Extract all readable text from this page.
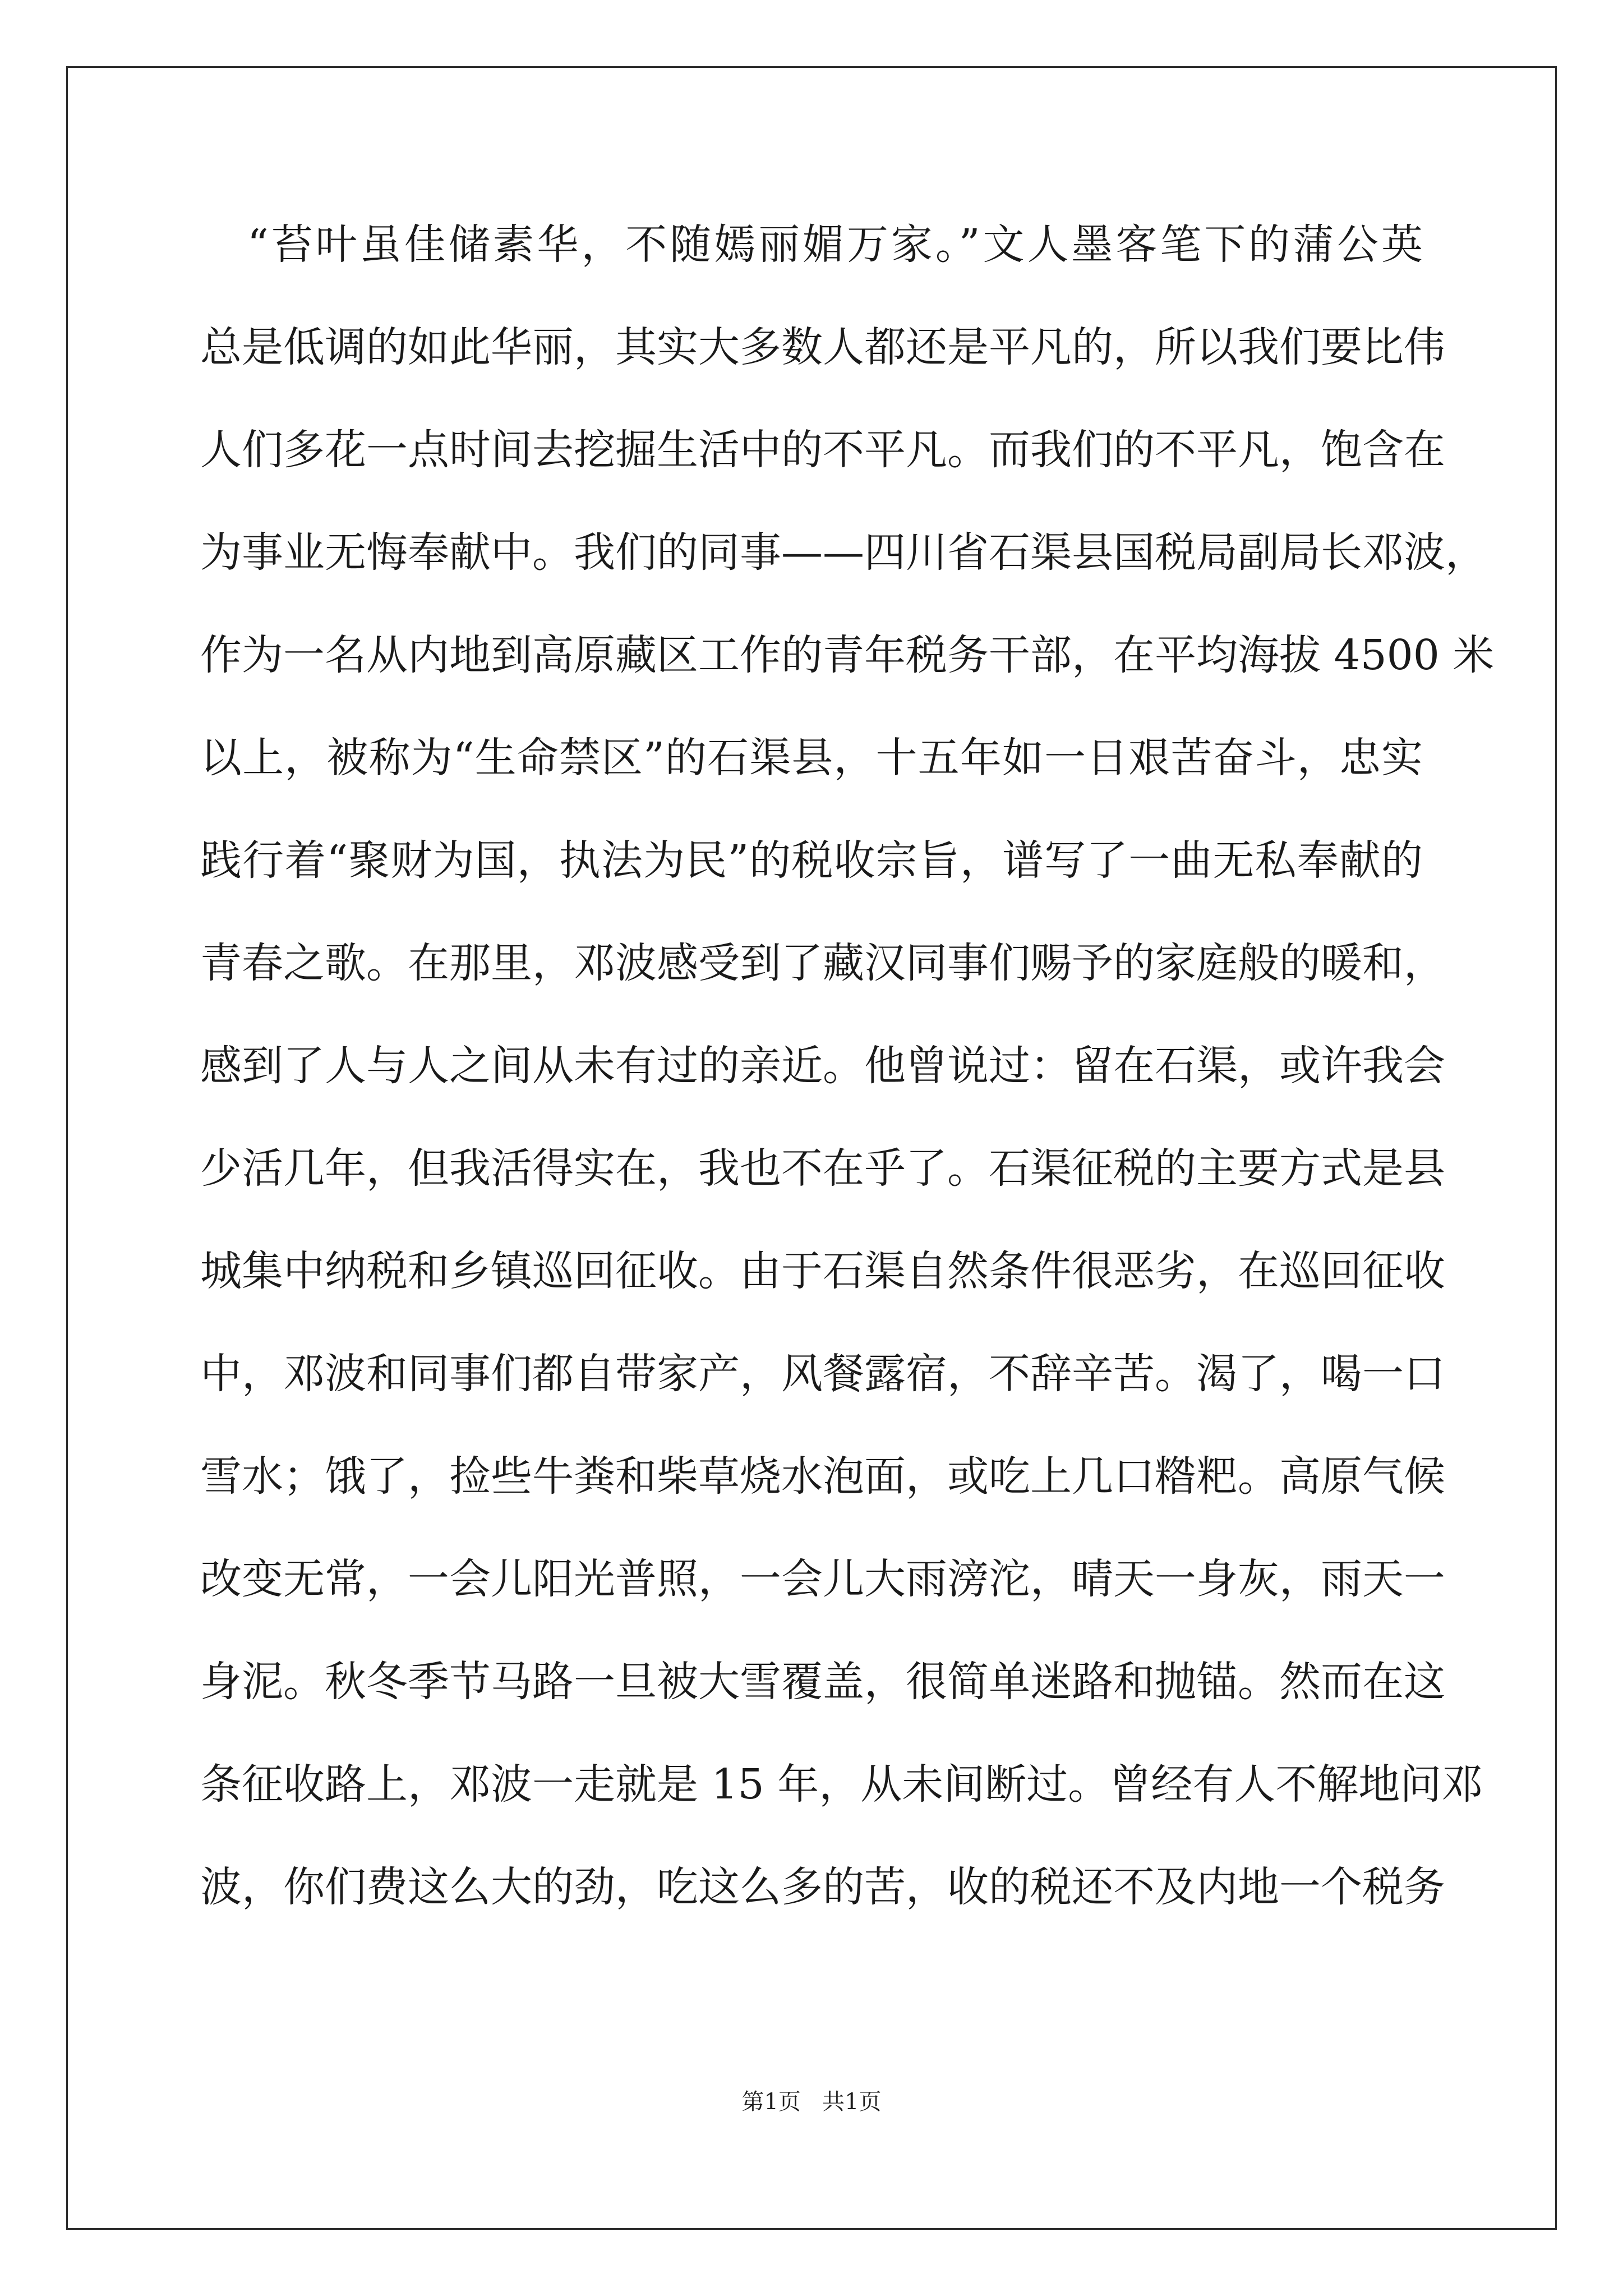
“苔叶虽佳储素华，不随嫣丽媚万家。”文人墨客笔下的蒲公英
总是低调的如此华丽，其实大多数人都还是平凡的，所以我们要比伟
人们多花一点时间去挖掘生活中的不平凡。而我们的不平凡，饱含在
为事业无悔奉献中。我们的同事——四川省石渠县国税局副局长邓波，
作为一名从内地到高原藏区工作的青年税务干部，在平均海拔 4500 米
以上，被称为“生命禁区”的石渠县，十五年如一日艰苦奋斗，忠实
践行着“聚财为国，执法为民”的税收宗旨，谱写了一曲无私奉献的
青春之歌。在那里，邓波感受到了藏汉同事们赐予的家庭般的暖和，
感到了人与人之间从未有过的亲近。他曾说过：留在石渠，或许我会
少活几年，但我活得实在，我也不在乎了。石渠征税的主要方式是县
城集中纳税和乡镇巡回征收。由于石渠自然条件很恶劣，在巡回征收
中，邓波和同事们都自带家产，风餐露宿，不辞辛苦。渴了，喝一口
雪水；饿了，捡些牛粪和柴草烧水泡面，或吃上几口糌粑。高原气候
改变无常，一会儿阳光普照，一会儿大雨滂沱，晴天一身灰，雨天一
身泥。秋冬季节马路一旦被大雪覆盖，很简单迷路和抛锚。然而在这
条征收路上，邓波一走就是 15 年，从未间断过。曾经有人不解地问邓
波，你们费这么大的劲，吃这么多的苦，收的税还不及内地一个税务
第1页   共1页
